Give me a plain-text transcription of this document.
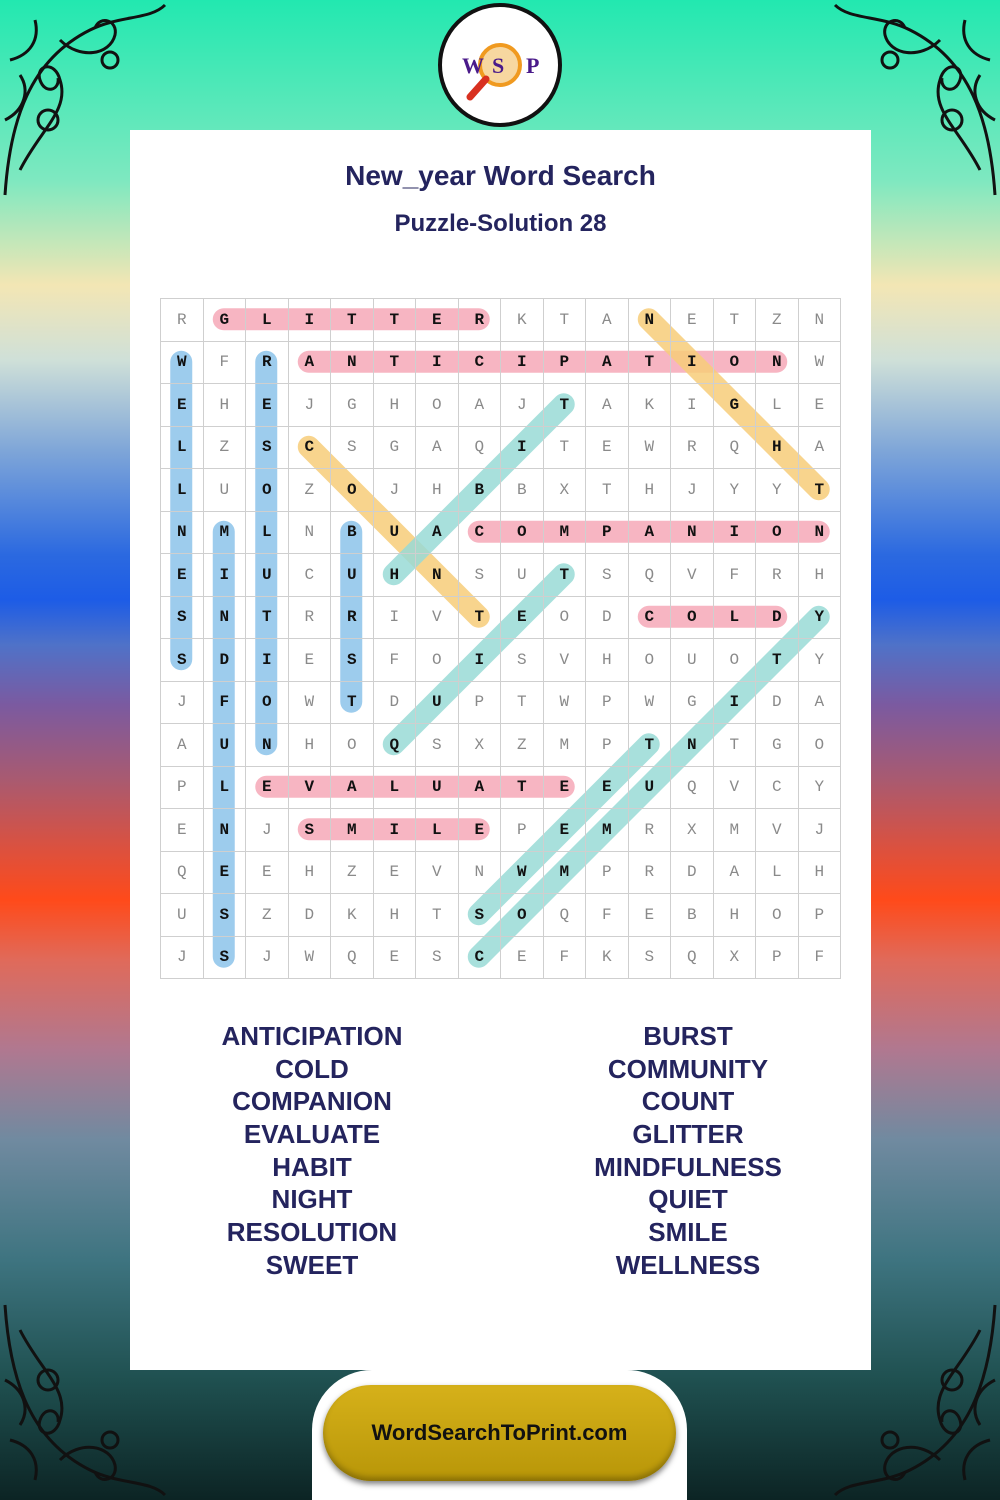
W S P
New_year Word Search
Puzzle-Solution 28
R	G	L	I	T	T	E	R	K	T	A	N	E	T	Z	N
W	F	R	A	N	T	I	C	I	P	A	T	I	O	N	W
E	H	E	J	G	H	O	A	J	T	A	K	I	G	L	E
L	Z	S	C	S	G	A	Q	I	T	E	W	R	Q	H	A
L	U	O	Z	O	J	H	B	B	X	T	H	J	Y	Y	T
N	M	L	N	B	U	A	C	O	M	P	A	N	I	O	N
E	I	U	C	U	H	N	S	U	T	S	Q	V	F	R	H
S	N	T	R	R	I	V	T	E	O	D	C	O	L	D	Y
S	D	I	E	S	F	O	I	S	V	H	O	U	O	T	Y
J	F	O	W	T	D	U	P	T	W	P	W	G	I	D	A
A	U	N	H	O	Q	S	X	Z	M	P	T	N	T	G	O
P	L	E	V	A	L	U	A	T	E	E	U	Q	V	C	Y
E	N	J	S	M	I	L	E	P	E	M	R	X	M	V	J
Q	E	E	H	Z	E	V	N	W	M	P	R	D	A	L	H
U	S	Z	D	K	H	T	S	O	Q	F	E	B	H	O	P
J	S	J	W	Q	E	S	C	E	F	K	S	Q	X	P	F
ANTICIPATION
COLD
COMPANION
EVALUATE
HABIT
NIGHT
RESOLUTION
SWEET
BURST
COMMUNITY
COUNT
GLITTER
MINDFULNESS
QUIET
SMILE
WELLNESS
WordSearchToPrint.com
